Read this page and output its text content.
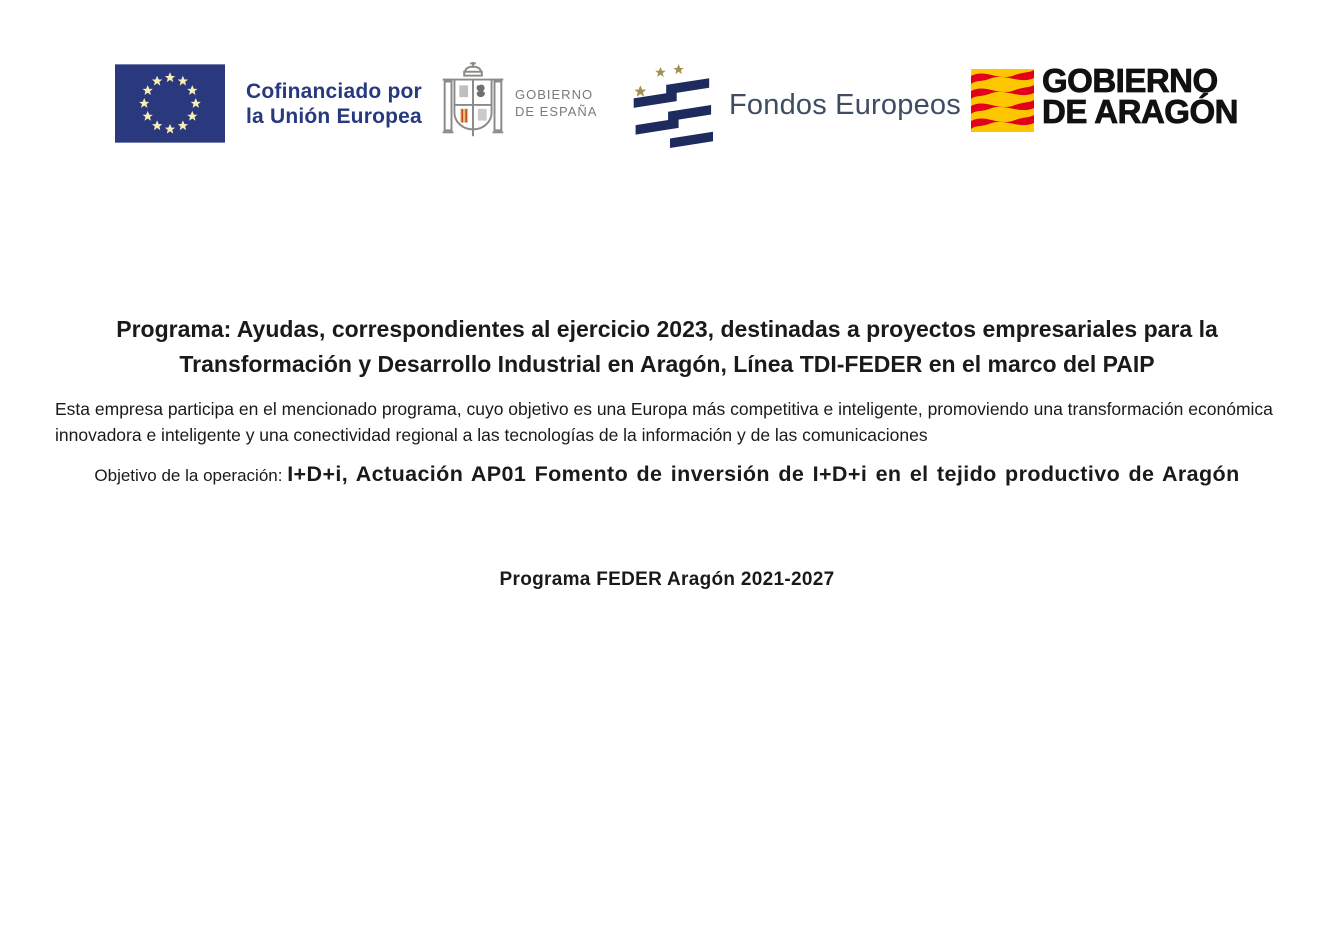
Cofinanciado por
la Unión Europea
GOBIERNO
DE ESPAÑA	Fondos Europeos
GOBIERNO
DE ARAGÓN
Programa: Ayudas, correspondientes al ejercicio 2023, destinadas a proyectos empresariales para la
Transformación y Desarrollo Industrial en Aragón, Línea TDI-FEDER en el marco del PAIP
Esta empresa participa en el mencionado programa, cuyo objetivo es una Europa más competitiva e inteligente, promoviendo una transformación económica
innovadora e inteligente y una conectividad regional a las tecnologías de la información y de las comunicaciones
Objetivo de la operación: I+D+i, Actuación AP01 Fomento de inversión de I+D+i en el tejido productivo de Aragón
Programa FEDER Aragón 2021-2027
